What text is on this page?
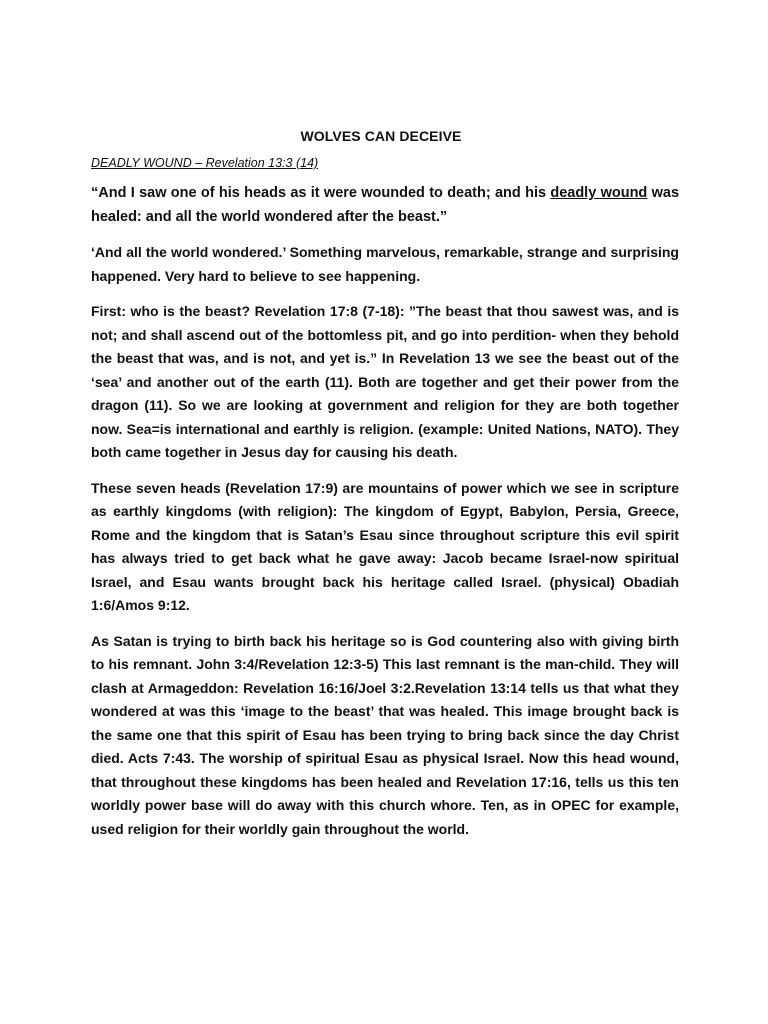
WOLVES CAN DECEIVE
DEADLY WOUND – Revelation 13:3 (14)

“And I saw one of his heads as it were wounded to death; and his deadly wound was healed: and all the world wondered after the beast.”

‘And all the world wondered.’ Something marvelous, remarkable, strange and surprising happened. Very hard to believe to see happening.

First: who is the beast? Revelation 17:8 (7-18): ”The beast that thou sawest was, and is not; and shall ascend out of the bottomless pit, and go into perdition- when they behold the beast that was, and is not, and yet is.” In Revelation 13 we see the beast out of the ‘sea’ and another out of the earth (11). Both are together and get their power from the dragon (11). So we are looking at government and religion for they are both together now. Sea=is international and earthly is religion. (example: United Nations, NATO). They both came together in Jesus day for causing his death.

These seven heads (Revelation 17:9) are mountains of power which we see in scripture as earthly kingdoms (with religion): The kingdom of Egypt, Babylon, Persia, Greece, Rome and the kingdom that is Satan’s Esau since throughout scripture this evil spirit has always tried to get back what he gave away: Jacob became Israel-now spiritual Israel, and Esau wants brought back his heritage called Israel. (physical) Obadiah 1:6/Amos 9:12.

As Satan is trying to birth back his heritage so is God countering also with giving birth to his remnant. John 3:4/Revelation 12:3-5) This last remnant is the man-child. They will clash at Armageddon: Revelation 16:16/Joel 3:2.Revelation 13:14 tells us that what they wondered at was this ‘image to the beast’ that was healed. This image brought back is the same one that this spirit of Esau has been trying to bring back since the day Christ died. Acts 7:43. The worship of spiritual Esau as physical Israel. Now this head wound, that throughout these kingdoms has been healed and Revelation 17:16, tells us this ten worldly power base will do away with this church whore. Ten, as in OPEC for example, used religion for their worldly gain throughout the world.
